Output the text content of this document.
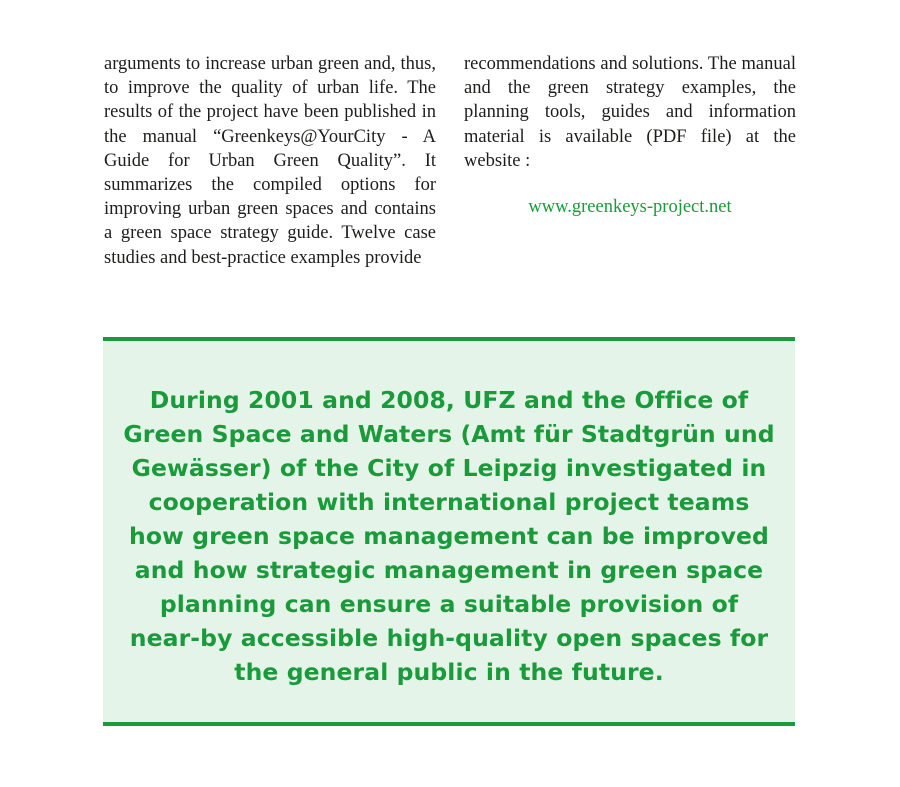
arguments to increase urban green and, thus, to improve the quality of urban life. The results of the project have been published in the manual “Greenkeys@YourCity - A Guide for Urban Green Quality”. It summarizes the compiled options for improving urban green spaces and contains a green space strategy guide. Twelve case studies and best-practice examples provide

recommendations and solutions. The manual and the green strategy examples, the planning tools, guides and information material is available (PDF file) at the website :

www.greenkeys-project.net

During 2001 and 2008, UFZ and the Office of Green Space and Waters (Amt für Stadtgrün und Gewässer) of the City of Leipzig investigated in cooperation with international project teams how green space management can be improved and how strategic management in green space planning can ensure a suitable provision of near-by accessible high-quality open spaces for the general public in the future.
